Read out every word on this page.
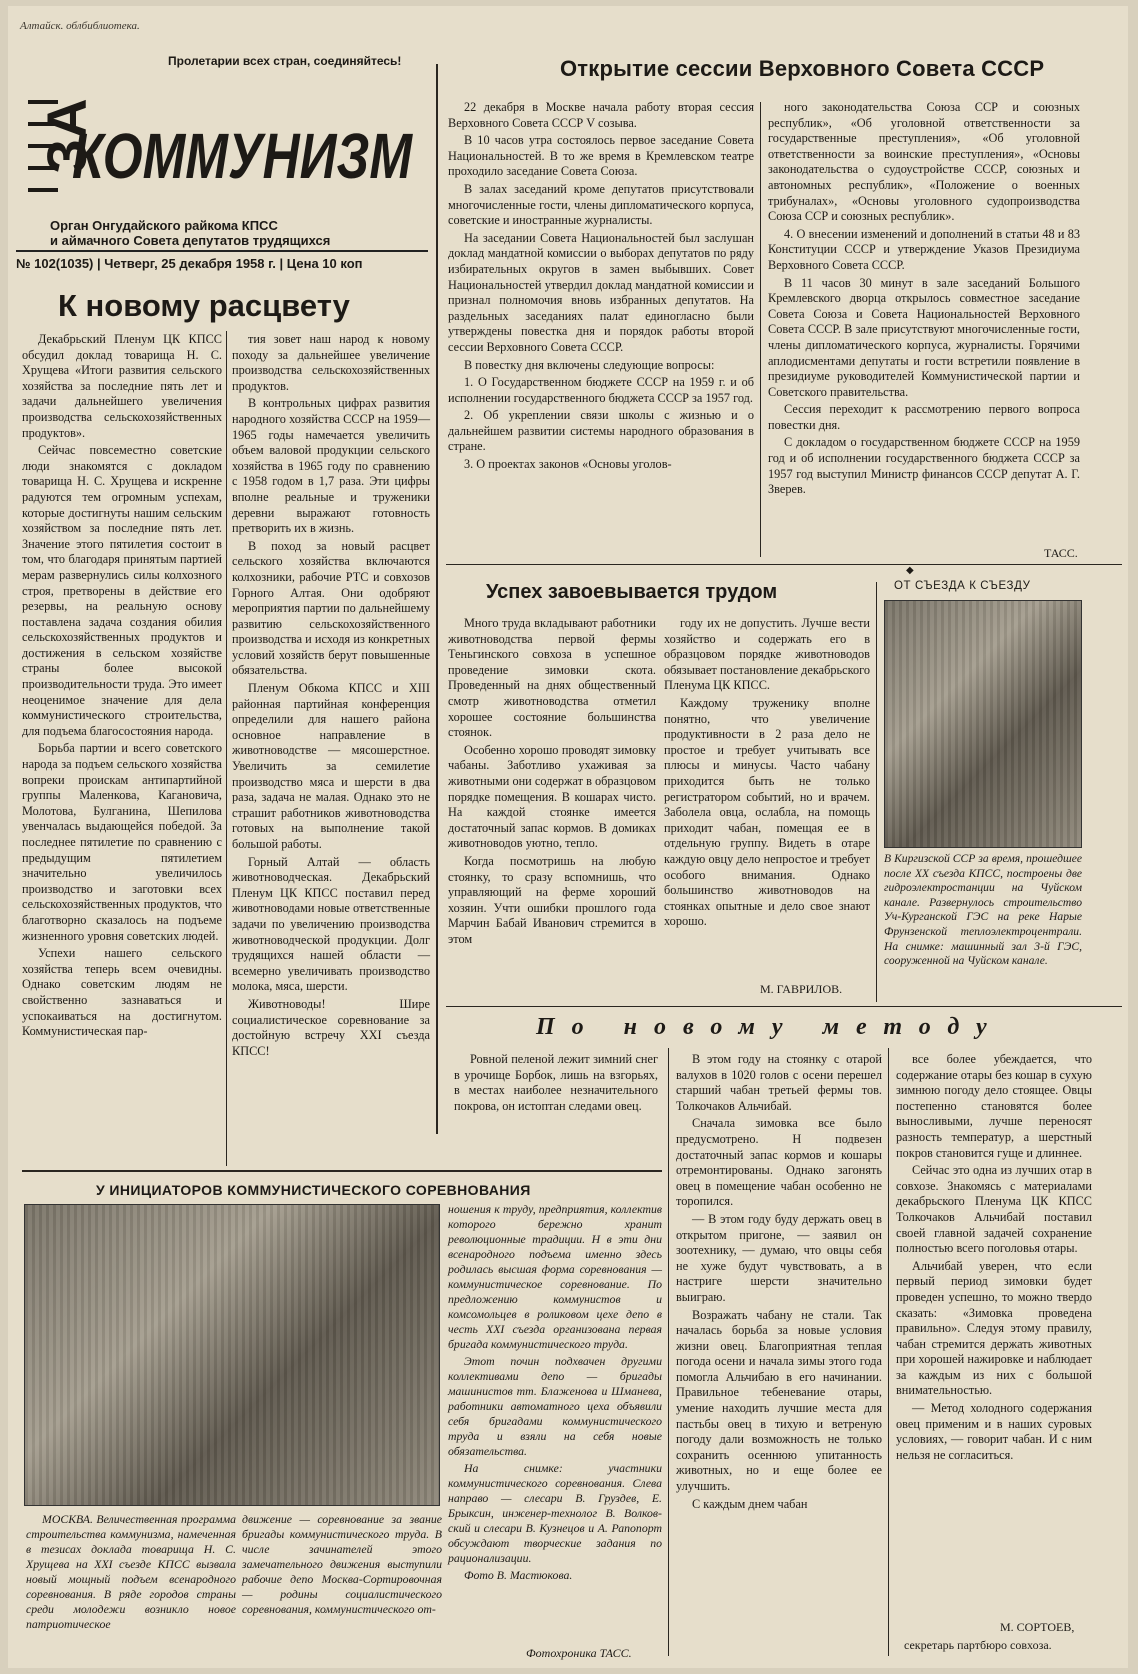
Алтайск. облбиблиотека.
Пролетарии всех стран, соединяйтесь!
ЗА
КОММУНИЗМ
Орган Онгудайского райкома КПСС
и аймачного Совета депутатов трудящихся
№ 102(1035) | Четверг, 25 декабря 1958 г. | Цена 10 коп
Открытие сессии Верховного Совета СССР

22 декабря в Москве начала работу вторая сессия Верховного Совета СССР V созыва.

В 10 часов утра состоялось первое заседание Совета Национальностей. В то же время в Кремлевском театре проходило заседание Совета Союза.

В залах заседаний кроме депутатов присутствовали многочисленные гости, члены дипломатического корпуса, советские и иностранные журналисты.

На заседании Совета Национальностей был заслушан доклад мандатной комиссии о выборах депутатов по ряду избирательных округов в замен выбывших. Совет Национальностей утвердил доклад мандатной комиссии и признал полномочия вновь избранных депутатов. На раздельных заседаниях палат единогласно были утверждены повестка дня и порядок работы второй сессии Верховного Совета СССР.

В повестку дня включены следующие вопросы:

1. О Государственном бюджете СССР на 1959 г. и об исполнении государственного бюджета СССР за 1957 год.

2. Об укреплении связи школы с жизнью и о дальнейшем развитии системы народного образования в стране.

3. О проектах законов «Основы уголов-

ного законодательства Союза ССР и союзных республик», «Об уголовной ответственности за государственные преступления», «Об уголовной ответственности за воинские преступления», «Основы законодательства о судоустройстве СССР, союзных и автономных республик», «Положение о военных трибуналах», «Основы уголовного судопроизводства Союза ССР и союзных республик».

4. О внесении изменений и дополнений в статьи 48 и 83 Конституции СССР и утверждение Указов Президиума Верховного Совета СССР.

В 11 часов 30 минут в зале заседаний Большого Кремлевского дворца открылось совместное заседание Совета Союза и Совета Национальностей Верховного Совета СССР. В зале присутствуют многочисленные гости, члены дипломатического корпуса, журналисты. Горячими аплодисментами депутаты и гости встретили появление в президиуме руководителей Коммунистической партии и Советского правительства.

Сессия переходит к рассмотрению первого вопроса повестки дня.

С докладом о государственном бюджете СССР на 1959 год и об исполнении государственного бюджета СССР за 1957 год выступил Министр финансов СССР депутат А. Г. Зверев.

ТАСС.
К новому расцвету

Декабрьский Пленум ЦК КПСС обсудил доклад товарища Н. С. Хрущева «Итоги развития сельского хозяйства за последние пять лет и задачи дальнейшего увеличения производства сельскохозяйственных продуктов».

Сейчас повсеместно советские люди знакомятся с докладом товарища Н. С. Хрущева и искренне радуются тем огромным успехам, которые достигнуты нашим сельским хозяйством за последние пять лет. Значение этого пятилетия состоит в том, что благодаря принятым партией мерам развернулись силы колхозного строя, претворены в действие его резервы, на реальную основу поставлена задача создания обилия сельскохозяйственных продуктов и достижения в сельском хозяйстве страны более высокой производительности труда. Это имеет неоценимое значение для дела коммунистического строительства, для подъема благосостояния народа.

Борьба партии и всего советского народа за подъем сельского хозяйства вопреки проискам антипартийной группы Маленкова, Кагановича, Молотова, Булганина, Шепилова увенчалась выдающейся победой. За последнее пятилетие по сравнению с предыдущим пятилетием значительно увеличилось производство и заготовки всех сельскохозяйственных продуктов, что благотворно сказалось на подъеме жизненного уровня советских людей.

Успехи нашего сельского хозяйства теперь всем очевидны. Однако советским людям не свойственно зазнаваться и успокаиваться на достигнутом. Коммунистическая пар-

тия зовет наш народ к новому походу за дальнейшее увеличение производства сельскохозяйственных продуктов.

В контрольных цифрах развития народного хозяйства СССР на 1959—1965 годы намечается увеличить объем валовой продукции сельского хозяйства в 1965 году по сравнению с 1958 годом в 1,7 раза. Эти цифры вполне реальные и труженики деревни выражают готовность претворить их в жизнь.

В поход за новый расцвет сельского хозяйства включаются колхозники, рабочие РТС и совхозов Горного Алтая. Они одобряют мероприятия партии по дальнейшему развитию сельскохозяйственного производства и исходя из конкретных условий хозяйств берут повышенные обязательства.

Пленум Обкома КПСС и XIII районная партийная конференция определили для нашего района основное направление в животноводстве — мясошерстное. Увеличить за семилетие производство мяса и шерсти в два раза, задача не малая. Однако это не страшит работников животноводства готовых на выполнение такой большой работы.

Горный Алтай — область животноводческая. Декабрьский Пленум ЦК КПСС поставил перед животноводами новые ответственные задачи по увеличению производства животноводческой продукции. Долг трудящихся нашей области — всемерно увеличивать производство молока, мяса, шерсти.

Животноводы! Шире социалистическое соревнование за достойную встречу XXI съезда КПСС!

Успех завоевывается трудом

Много труда вкладывают работники животноводства первой фермы Теньгинского совхоза в успешное проведение зимовки скота. Проведенный на днях общественный смотр животноводства отметил хорошее состояние большинства стоянок.

Особенно хорошо проводят зимовку чабаны. Заботливо ухаживая за животными они содержат в образцовом порядке помещения. В кошарах чисто. На каждой стоянке имеется достаточный запас кормов. В домиках животноводов уютно, тепло.

Когда посмотришь на любую стоянку, то сразу вспомнишь, что управляющий на ферме хороший хозяин. Учти ошибки прошлого года Марчин Бабай Иванович стремится в этом

году их не допустить. Лучше вести хозяйство и содержать его в образцовом порядке животноводов обязывает постановление декабрьского Пленума ЦК КПСС.

Каждому труженику вполне понятно, что увеличение продуктивности в 2 раза дело не простое и требует учитывать все плюсы и минусы. Часто чабану приходится быть не только регистратором событий, но и врачем. Заболела овца, ослабла, на помощь приходит чабан, помещая ее в отдельную группу. Видеть в отаре каждую овцу дело непростое и требует особого внимания. Однако большинство животноводов на стоянках опытные и дело свое знают хорошо.

М. ГАВРИЛОВ.
◆
ОТ СЪЕЗДА К СЪЕЗДУ

В Киргизской ССР за время, прошедшее после XX съезда КПСС, построены две гидроэлектростанции на Чуйском канале. Развернулось строительство Уч-Курганской ГЭС на реке Нарые Фрунзенской теплоэлектроцентрали. На снимке: машинный зал 3-й ГЭС, сооруженной на Чуйском канале.

По новому методу

Ровной пеленой лежит зимний снег в урочище Борбок, лишь на взгорьях, в местах наиболее незначительного покрова, он истоптан следами овец.

В этом году на стоянку с отарой валухов в 1020 голов с осени перешел старший чабан третьей фермы тов. Толкочаков Альчибай.

Сначала зимовка все было предусмотрено. Н подвезен достаточный запас кормов и кошары отремонтированы. Однако загонять овец в помещение чабан особенно не торопился.

— В этом году буду держать овец в открытом пригоне, — заявил он зоотехнику, — думаю, что овцы себя не хуже будут чувствовать, а в настриге шерсти значительно выиграю.

Возражать чабану не стали. Так началась борьба за новые условия жизни овец. Благоприятная теплая погода осени и начала зимы этого года помогла Альчибаю в его начинании. Правильное тебеневание отары, умение находить лучшие места для пастьбы овец в тихую и ветреную погоду дали возможность не только сохранить осеннюю упитанность животных, но и еще более ее улучшить.

С каждым днем чабан

все более убеждается, что содержание отары без кошар в сухую зимнюю погоду дело стоящее. Овцы постепенно становятся более выносливыми, лучше переносят разность температур, а шерстный покров становится гуще и длиннее.

Сейчас это одна из лучших отар в совхозе. Знакомясь с материалами декабрьского Пленума ЦК КПСС Толкочаков Альчибай поставил своей главной задачей сохранение полностью всего поголовья отары.

Альчибай уверен, что если первый период зимовки будет проведен успешно, то можно твердо сказать: «Зимовка проведена правильно». Следуя этому правилу, чабан стремится держать животных при хорошей нажировке и наблюдает за каждым из них с большой внимательностью.

— Метод холодного содержания овец применим и в наших суровых условиях, — говорит чабан. И с ним нельзя не согласиться.

М. СОРТОЕВ,
секретарь партбюро совхоза.
У ИНИЦИАТОРОВ КОММУНИСТИЧЕСКОГО СОРЕВНОВАНИЯ

ношения к труду, предприятия, коллектив которого бережно хранит революционные традиции. Н в эти дни всенародного подъема именно здесь родилась высшая форма соревнования — коммунистическое соревнование. По предложению коммунистов и комсомольцев в роликовом цехе депо в честь XXI съезда организована первая бригада коммунистического труда.

Этот почин подхвачен другими коллективами депо — бригады машинистов тт. Блаженова и Шманева, работники автоматного цеха объявили себя бригадами коммунистического труда и взяли на себя новые обязательства.

На снимке: участники коммунистического соревнования. Слева направо — слесари В. Груздев, Е. Брыксин, инженер-технолог В. Волков- ский и слесари В. Кузнецов и А. Рапопорт обсуждают творческие задания по рационализации.

Фото В. Мастюкова.

Фотохроника ТАСС.

МОСКВА. Величественная программа строительства коммунизма, намеченная в тезисах доклада товарища Н. С. Хрущева на XXI съезде КПСС вызвала новый мощный подъем всенародного соревнования. В ряде городов страны среди молодежи возникло новое патриотическое

движение — соревнование за звание бригады коммунистического труда. В числе зачинателей этого замечательного движения выступили рабочие депо Москва-Сортировочная — родины социалистического соревнования, коммунистического от-
